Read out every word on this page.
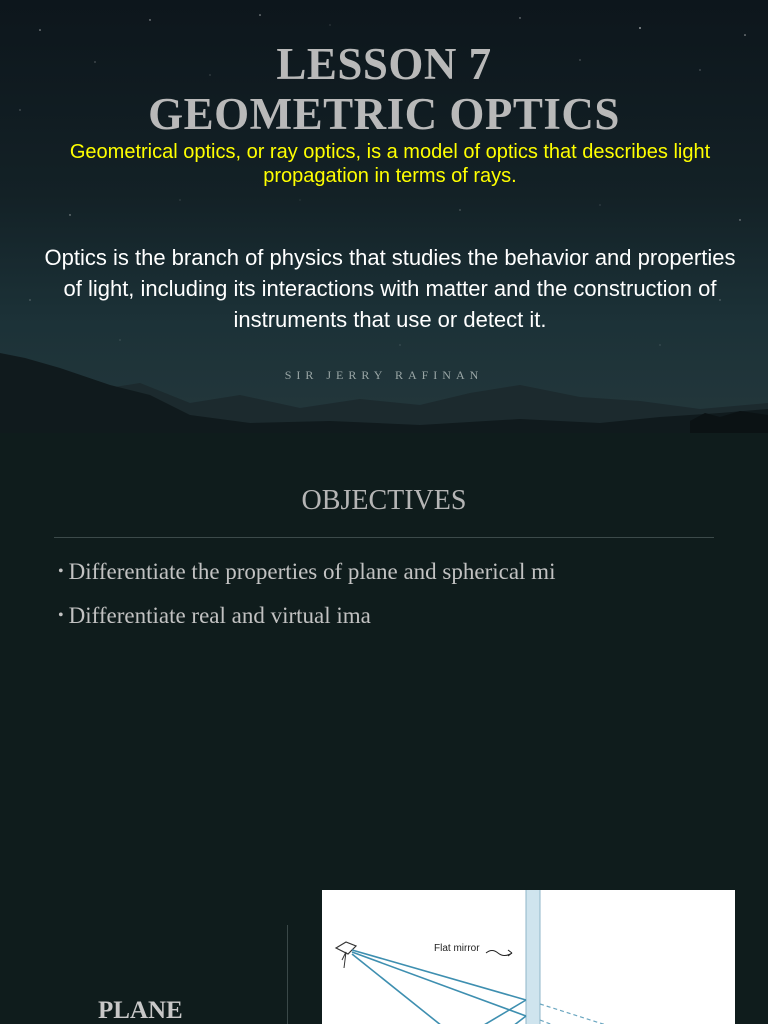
LESSON 7
GEOMETRIC OPTICS
Geometrical optics, or ray optics, is a model of optics that describes light propagation in terms of rays.
Optics is the branch of physics that studies the behavior and properties of light, including its interactions with matter and the construction of instruments that use or detect it.
SIR JERRY RAFINAN
OBJECTIVES
• Differentiate the properties of plane and spherical mi
• Differentiate real and virtual ima
PLANE
Flat mirror
